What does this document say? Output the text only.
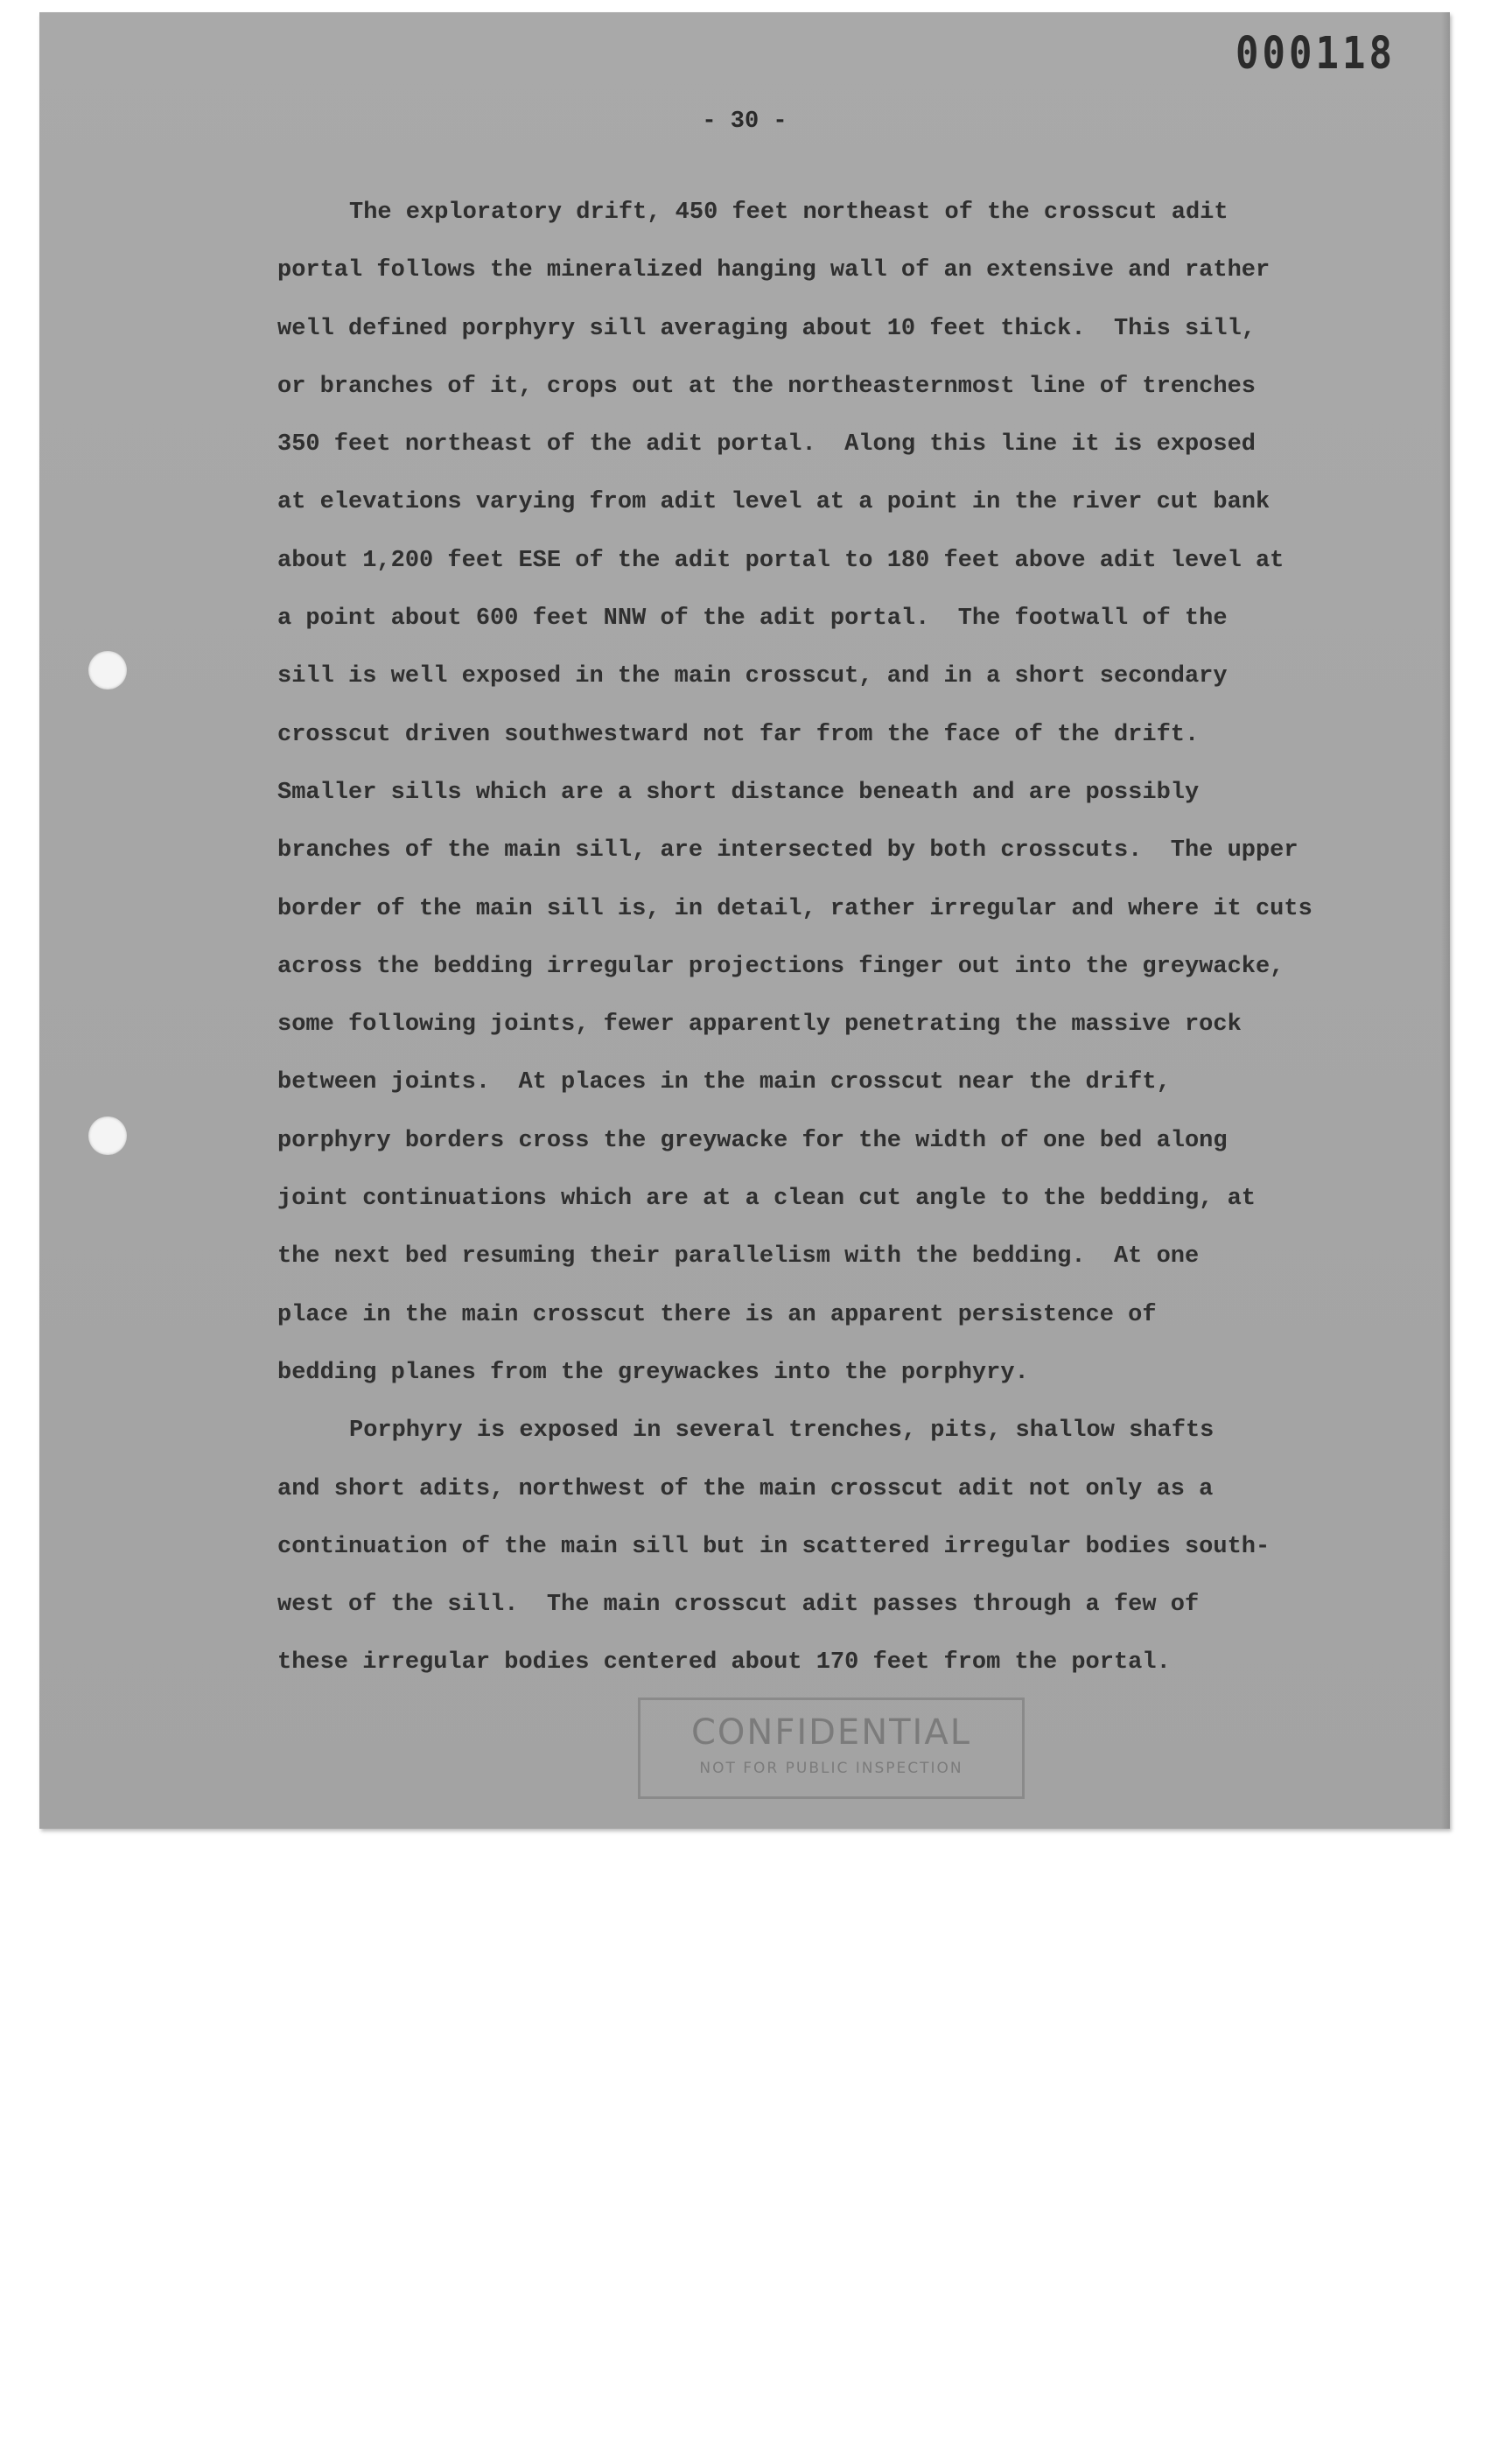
000118
- 30 -
The exploratory drift, 450 feet northeast of the crosscut adit
portal follows the mineralized hanging wall of an extensive and rather
well defined porphyry sill averaging about 10 feet thick.  This sill,
or branches of it, crops out at the northeasternmost line of trenches
350 feet northeast of the adit portal.  Along this line it is exposed
at elevations varying from adit level at a point in the river cut bank
about 1,200 feet ESE of the adit portal to 180 feet above adit level at
a point about 600 feet NNW of the adit portal.  The footwall of the
sill is well exposed in the main crosscut, and in a short secondary
crosscut driven southwestward not far from the face of the drift.
Smaller sills which are a short distance beneath and are possibly
branches of the main sill, are intersected by both crosscuts.  The upper
border of the main sill is, in detail, rather irregular and where it cuts
across the bedding irregular projections finger out into the greywacke,
some following joints, fewer apparently penetrating the massive rock
between joints.  At places in the main crosscut near the drift,
porphyry borders cross the greywacke for the width of one bed along
joint continuations which are at a clean cut angle to the bedding, at
the next bed resuming their parallelism with the bedding.  At one
place in the main crosscut there is an apparent persistence of
bedding planes from the greywackes into the porphyry.
Porphyry is exposed in several trenches, pits, shallow shafts
and short adits, northwest of the main crosscut adit not only as a
continuation of the main sill but in scattered irregular bodies south-
west of the sill.  The main crosscut adit passes through a few of
these irregular bodies centered about 170 feet from the portal.
CONFIDENTIAL
NOT FOR PUBLIC INSPECTION
